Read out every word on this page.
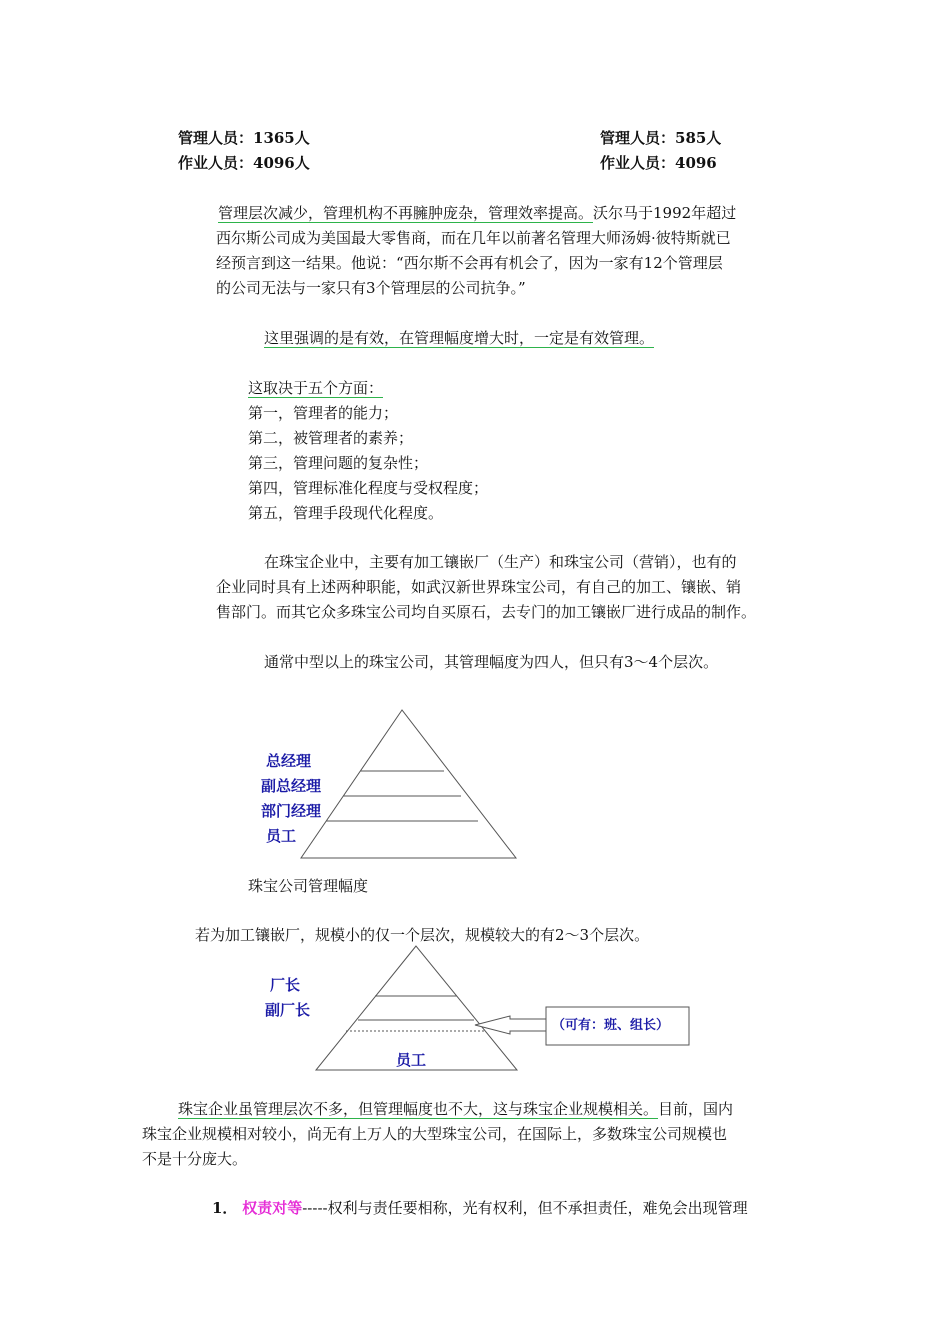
管理人员：1365人
作业人员：4096人
管理人员：585人
作业人员：4096
管理层次减少，管理机构不再臃肿庞杂，管理效率提高。沃尔马于1992年超过
西尔斯公司成为美国最大零售商，而在几年以前著名管理大师汤姆·彼特斯就已
经预言到这一结果。他说：“西尔斯不会再有机会了，因为一家有12个管理层
的公司无法与一家只有3个管理层的公司抗争。”
这里强调的是有效，在管理幅度增大时，一定是有效管理。
这取决于五个方面：
第一，管理者的能力；
第二，被管理者的素养；
第三，管理问题的复杂性；
第四，管理标准化程度与受权程度；
第五，管理手段现代化程度。
在珠宝企业中，主要有加工镶嵌厂（生产）和珠宝公司（营销），也有的
企业同时具有上述两种职能，如武汉新世界珠宝公司，有自己的加工、镶嵌、销
售部门。而其它众多珠宝公司均自买原石，去专门的加工镶嵌厂进行成品的制作。
通常中型以上的珠宝公司，其管理幅度为四人，但只有3～4个层次。
总经理
副总经理
部门经理
员工
珠宝公司管理幅度
若为加工镶嵌厂，规模小的仅一个层次，规模较大的有2～3个层次。
厂长
副厂长
员工
（可有：班、组长）
珠宝企业虽管理层次不多，但管理幅度也不大，这与珠宝企业规模相关。目前，国内
珠宝企业规模相对较小，尚无有上万人的大型珠宝公司，在国际上，多数珠宝公司规模也
不是十分庞大。
1． 权责对等-----权利与责任要相称，光有权利，但不承担责任，难免会出现管理
